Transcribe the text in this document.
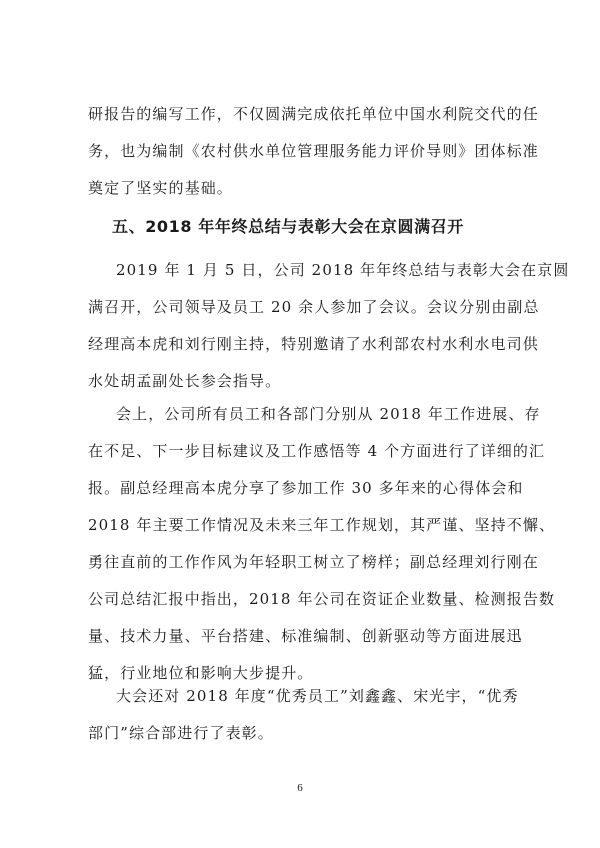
研报告的编写工作，不仅圆满完成依托单位中国水利院交代的任
务，也为编制《农村供水单位管理服务能力评价导则》团体标准
奠定了坚实的基础。
五、2018 年年终总结与表彰大会在京圆满召开
2019 年 1 月 5 日，公司 2018 年年终总结与表彰大会在京圆
满召开，公司领导及员工 20 余人参加了会议。会议分别由副总
经理高本虎和刘行刚主持，特别邀请了水利部农村水利水电司供
水处胡孟副处长参会指导。
会上，公司所有员工和各部门分别从 2018 年工作进展、存
在不足、下一步目标建议及工作感悟等 4 个方面进行了详细的汇
报。副总经理高本虎分享了参加工作 30 多年来的心得体会和
2018 年主要工作情况及未来三年工作规划，其严谨、坚持不懈、
勇往直前的工作作风为年轻职工树立了榜样；副总经理刘行刚在
公司总结汇报中指出，2018 年公司在资证企业数量、检测报告数
量、技术力量、平台搭建、标准编制、创新驱动等方面进展迅
猛，行业地位和影响大步提升。
大会还对 2018 年度“优秀员工”刘鑫鑫、宋光宇，“优秀
部门”综合部进行了表彰。
6
